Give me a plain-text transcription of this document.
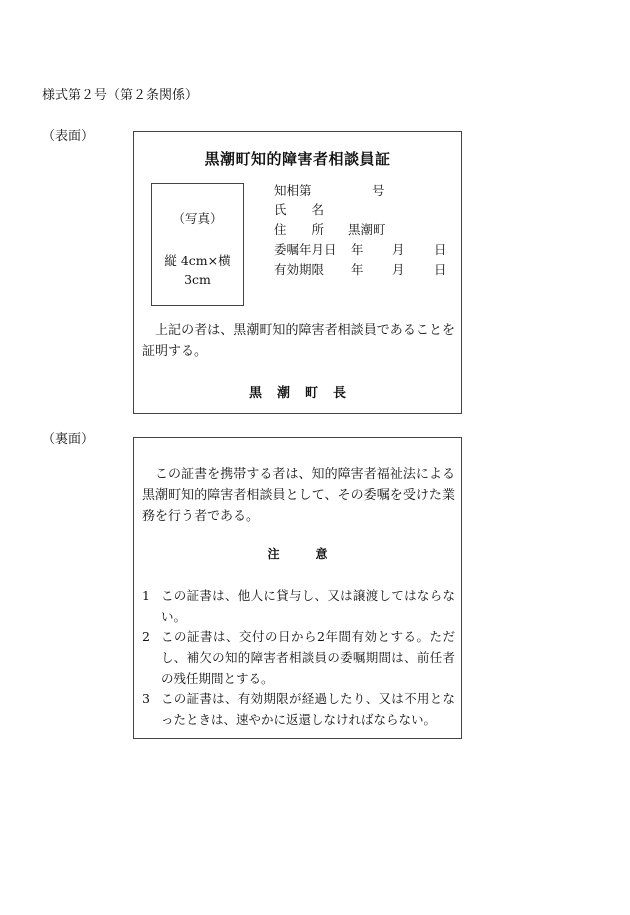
様式第２号（第２条関係）
（表面）
黒潮町知的障害者相談員証
（写真）
縦 4cm×横
3cm
知相第	号
氏　　名
住　　所 黒潮町
委嘱年月日 年 月 日
有効期限 年 月 日
上記の者は、黒潮町知的障害者相談員であることを証明する。
黒潮町長
（裏面）
この証書を携帯する者は、知的障害者福祉法による黒潮町知的障害者相談員として、その委嘱を受けた業務を行う者である。
注意
1 この証書は、他人に貸与し、又は譲渡してはならない。
2 この証書は、交付の日から2年間有効とする。ただし、補欠の知的障害者相談員の委嘱期間は、前任者の残任期間とする。
3 この証書は、有効期限が経過したり、又は不用となったときは、速やかに返還しなければならない。
